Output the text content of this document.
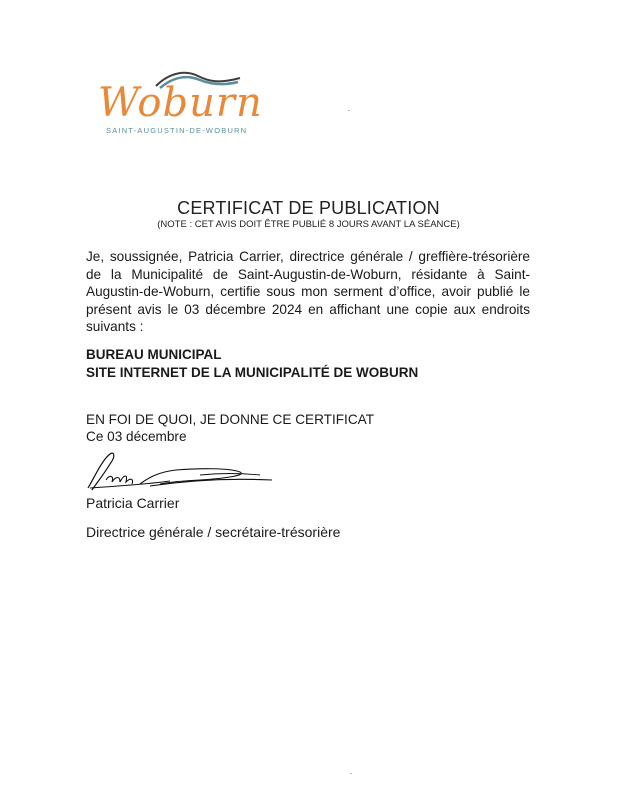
Woburn
SAINT-AUGUSTIN-DE-WOBURN
CERTIFICAT DE PUBLICATION
(NOTE : CET AVIS DOIT ÊTRE PUBLIÉ 8 JOURS AVANT LA SÉANCE)

Je, soussignée, Patricia Carrier, directrice générale / greffière-trésorière de la Municipalité de Saint-Augustin-de-Woburn, résidante à Saint-Augustin-de-Woburn, certifie sous mon serment d’office, avoir publié le présent avis le 03 décembre 2024 en affichant une copie aux endroits suivants :

BUREAU MUNICIPAL
SITE INTERNET DE LA MUNICIPALITÉ DE WOBURN
EN FOI DE QUOI, JE DONNE CE CERTIFICAT
Ce 03 décembre
Patricia Carrier
Directrice générale / secrétaire-trésorière
